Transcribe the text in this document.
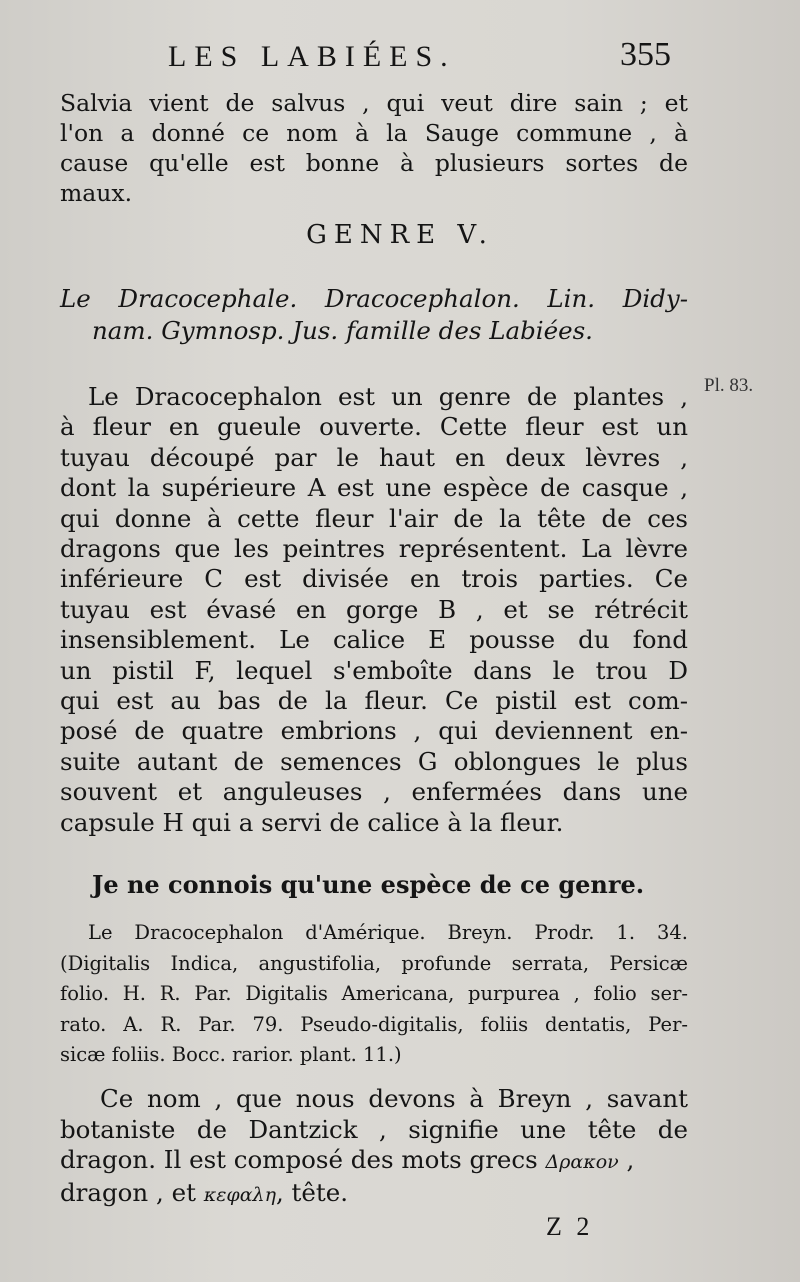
LES LABIÉES.	355
Salvia vient de salvus , qui veut dire sain ; et
l'on a donné ce nom à la Sauge commune , à
cause qu'elle est bonne à plusieurs sortes de
maux.
GENRE V.
Le Dracocephale. Dracocephalon. Lin. Didy-
nam. Gymnosp. Jus. famille des Labiées.
Pl. 83.
Le Dracocephalon est un genre de plantes ,
à fleur en gueule ouverte. Cette fleur est un
tuyau découpé par le haut en deux lèvres ,
dont la supérieure A est une espèce de casque ,
qui donne à cette fleur l'air de la tête de ces
dragons que les peintres représentent. La lèvre
inférieure C est divisée en trois parties. Ce
tuyau est évasé en gorge B , et se rétrécit
insensiblement. Le calice E pousse du fond
un pistil F, lequel s'emboîte dans le trou D
qui est au bas de la fleur. Ce pistil est com-
posé de quatre embrions , qui deviennent en-
suite autant de semences G oblongues le plus
souvent et anguleuses , enfermées dans une
capsule H qui a servi de calice à la fleur.
Je ne connois qu'une espèce de ce genre.
Le Dracocephalon d'Amérique. Breyn. Prodr. 1. 34.
(Digitalis Indica, angustifolia, profunde serrata, Persicæ
folio. H. R. Par. Digitalis Americana, purpurea , folio ser-
rato. A. R. Par. 79. Pseudo-digitalis, foliis dentatis, Per-
sicæ foliis. Bocc. rarior. plant. 11.)
Ce nom , que nous devons à Breyn , savant
botaniste de Dantzick , signifie une tête de
dragon. Il est composé des mots grecs Δρακον ,
dragon , et κεφαλη, tête.
Z 2
